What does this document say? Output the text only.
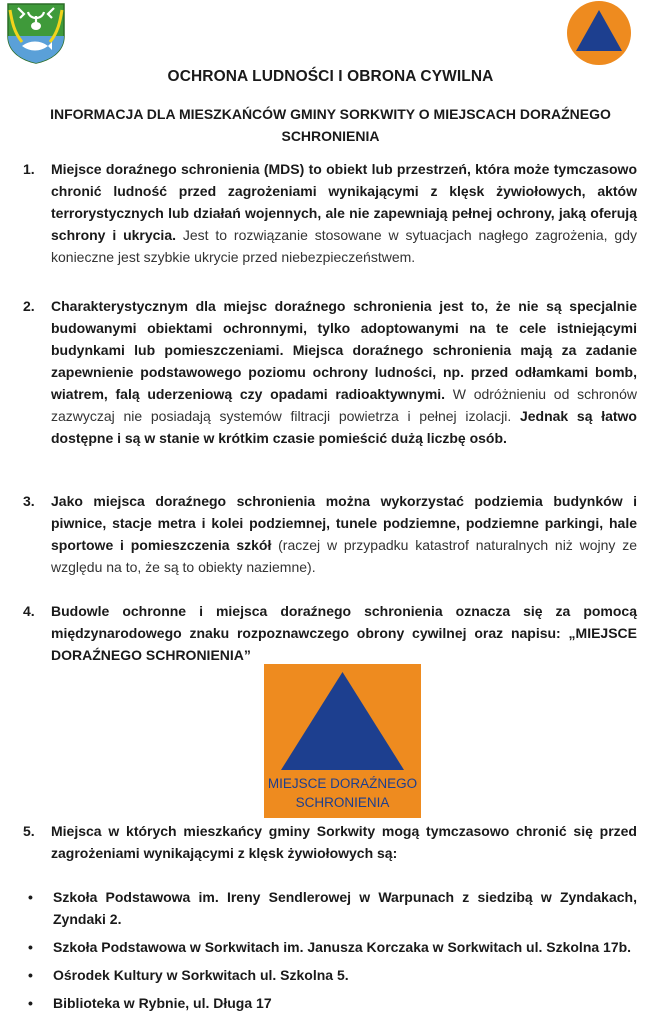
OCHRONA LUDNOŚCI I OBRONA CYWILNA
INFORMACJA DLA MIESZKAŃCÓW GMINY SORKWITY O MIEJSCACH DORAŹNEGO SCHRONIENIA
1. Miejsce doraźnego schronienia (MDS) to obiekt lub przestrzeń, która może tymczasowo chronić ludność przed zagrożeniami wynikającymi z klęsk żywiołowych, aktów terrorystycznych lub działań wojennych, ale nie zapewniają pełnej ochrony, jaką oferują schrony i ukrycia. Jest to rozwiązanie stosowane w sytuacjach nagłego zagrożenia, gdy konieczne jest szybkie ukrycie przed niebezpieczeństwem.
2. Charakterystycznym dla miejsc doraźnego schronienia jest to, że nie są specjalnie budowanymi obiektami ochronnymi, tylko adoptowanymi na te cele istniejącymi budynkami lub pomieszczeniami. Miejsca doraźnego schronienia mają za zadanie zapewnienie podstawowego poziomu ochrony ludności, np. przed odłamkami bomb, wiatrem, falą uderzeniową czy opadami radioaktywnymi. W odróżnieniu od schronów zazwyczaj nie posiadają systemów filtracji powietrza i pełnej izolacji. Jednak są łatwo dostępne i są w stanie w krótkim czasie pomieścić dużą liczbę osób.
3. Jako miejsca doraźnego schronienia można wykorzystać podziemia budynków i piwnice, stacje metra i kolei podziemnej, tunele podziemne, podziemne parkingi, hale sportowe i pomieszczenia szkół (raczej w przypadku katastrof naturalnych niż wojny ze względu na to, że są to obiekty naziemne).
4. Budowle ochronne i miejsca doraźnego schronienia oznacza się za pomocą międzynarodowego znaku rozpoznawczego obrony cywilnej oraz napisu: „MIEJSCE DORAŹNEGO SCHRONIENIA”
MIEJSCE DORAŹNEGO
SCHRONIENIA
5. Miejsca w których mieszkańcy gminy Sorkwity mogą tymczasowo chronić się przed zagrożeniami wynikającymi z klęsk żywiołowych są:
• Szkoła Podstawowa im. Ireny Sendlerowej w Warpunach z siedzibą w Zyndakach, Zyndaki 2.
• Szkoła Podstawowa w Sorkwitach im. Janusza Korczaka w Sorkwitach ul. Szkolna 17b.
• Ośrodek Kultury w Sorkwitach ul. Szkolna 5.
• Biblioteka w Rybnie, ul. Długa 17
